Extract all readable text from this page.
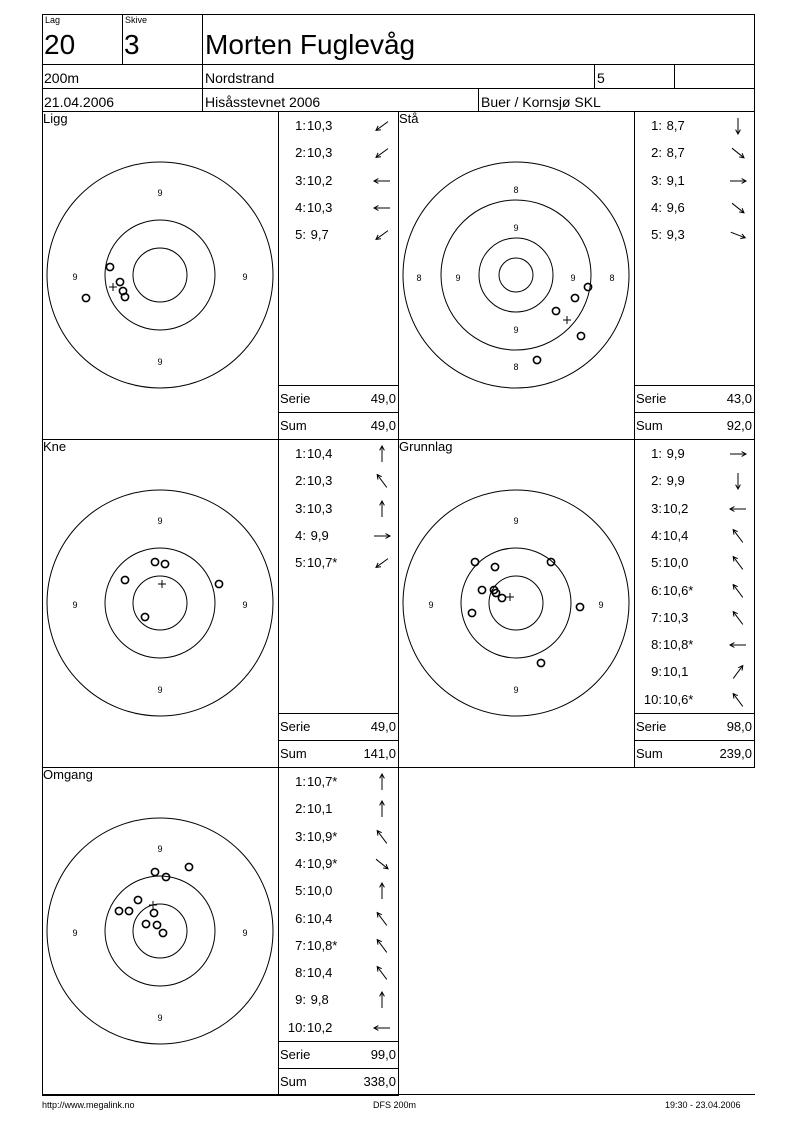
Lag
20
Skive
3 Morten Fuglevåg
200m	Nordstrand	5
21.04.2006	Hisåsstevnet 2006	Buer / Kornsjø SKL
Ligg
9
9	9
9
1: 10,3
2: 10,3
3: 10,2
4: 10,3
5: 9,7
Serie	49,0
Sum	49,0
Stå
8
9
8	9	9	8
9
8
1: 8,7
2: 8,7
3: 9,1
4: 9,6
5: 9,3
Serie	43,0
Sum	92,0
Kne
9
9	9
9
1: 10,4
2: 10,3
3: 10,3
4: 9,9
5: 10,7*
Serie	49,0
Sum	141,0
Grunnlag
9
9	9
9
1: 9,9
2: 9,9
3: 10,2
4: 10,4
5: 10,0
6: 10,6*
7: 10,3
8: 10,8*
9: 10,1
10: 10,6*
Serie	98,0
Sum	239,0
Omgang
9
9	9
9
1: 10,7*
2: 10,1
3: 10,9*
4: 10,9*
5: 10,0
6: 10,4
7: 10,8*
8: 10,4
9: 9,8
10: 10,2
Serie	99,0
Sum	338,0
http://www.megalink.no	DFS 200m	19:30 - 23.04.2006
